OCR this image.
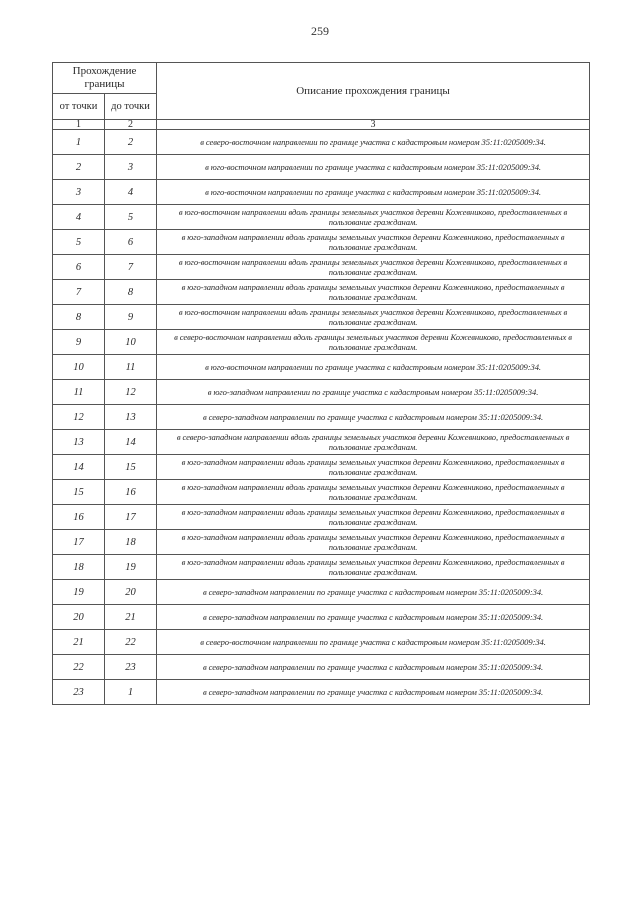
259
Прохождение границы		Описание прохождения границы
от точки	до точки	
1	2	3
1	2	в северо-восточном направлении по границе участка с кадастровым номером 35:11:0205009:34.
2	3	в юго-восточном направлении по границе участка с кадастровым номером 35:11:0205009:34.
3	4	в юго-восточном направлении по границе участка с кадастровым номером 35:11:0205009:34.
4	5	в юго-восточном направлении вдоль границы земельных участков деревни Кожевниково, предоставленных в пользование гражданам.
5	6	в юго-западном направлении вдоль границы земельных участков деревни Кожевниково, предоставленных в пользование гражданам.
6	7	в юго-восточном направлении вдоль границы земельных участков деревни Кожевниково, предоставленных в пользование гражданам.
7	8	в юго-западном направлении вдоль границы земельных участков деревни Кожевниково, предоставленных в пользование гражданам.
8	9	в юго-восточном направлении вдоль границы земельных участков деревни Кожевниково, предоставленных в пользование гражданам.
9	10	в северо-восточном направлении вдоль границы земельных участков деревни Кожевниково, предоставленных в пользование гражданам.
10	11	в юго-восточном направлении по границе участка с кадастровым номером 35:11:0205009:34.
11	12	в юго-западном направлении по границе участка с кадастровым номером 35:11:0205009:34.
12	13	в северо-западном направлении по границе участка с кадастровым номером 35:11:0205009:34.
13	14	в северо-западном направлении вдоль границы земельных участков деревни Кожевниково, предоставленных в пользование гражданам.
14	15	в юго-западном направлении вдоль границы земельных участков деревни Кожевниково, предоставленных в пользование гражданам.
15	16	в юго-западном направлении вдоль границы земельных участков деревни Кожевниково, предоставленных в пользование гражданам.
16	17	в юго-западном направлении вдоль границы земельных участков деревни Кожевниково, предоставленных в пользование гражданам.
17	18	в юго-западном направлении вдоль границы земельных участков деревни Кожевниково, предоставленных в пользование гражданам.
18	19	в юго-западном направлении вдоль границы земельных участков деревни Кожевниково, предоставленных в пользование гражданам.
19	20	в северо-западном направлении по границе участка с кадастровым номером 35:11:0205009:34.
20	21	в северо-западном направлении по границе участка с кадастровым номером 35:11:0205009:34.
21	22	в северо-восточном направлении по границе участка с кадастровым номером 35:11:0205009:34.
22	23	в северо-западном направлении по границе участка с кадастровым номером 35:11:0205009:34.
23	1	в северо-западном направлении по границе участка с кадастровым номером 35:11:0205009:34.
